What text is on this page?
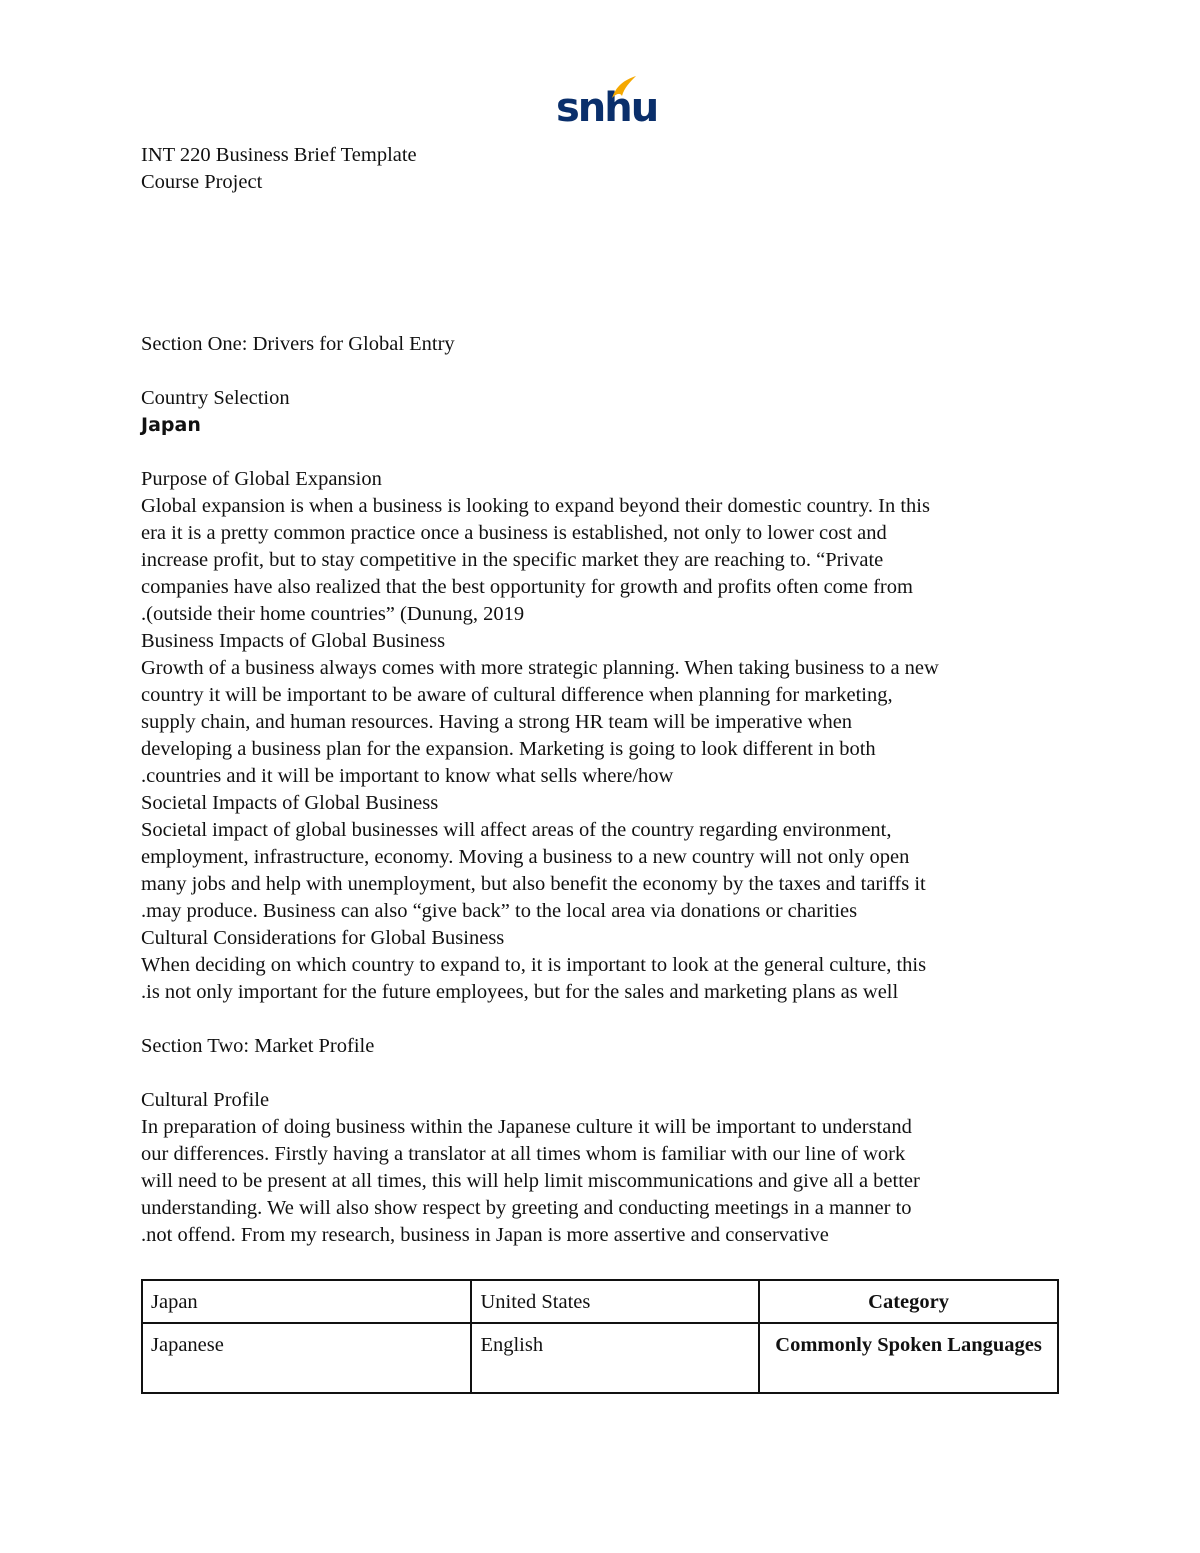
snhu
INT 220 Business Brief Template
Course Project
Section One: Drivers for Global Entry
Country Selection
Japan
Purpose of Global Expansion
Global expansion is when a business is looking to expand beyond their domestic country. In this
era it is a pretty common practice once a business is established, not only to lower cost and
increase profit, but to stay competitive in the specific market they are reaching to. “Private
companies have also realized that the best opportunity for growth and profits often come from
.(outside their home countries” (Dunung, 2019
Business Impacts of Global Business
Growth of a business always comes with more strategic planning. When taking business to a new
country it will be important to be aware of cultural difference when planning for marketing,
supply chain, and human resources. Having a strong HR team will be imperative when
developing a business plan for the expansion. Marketing is going to look different in both
.countries and it will be important to know what sells where/how
Societal Impacts of Global Business
Societal impact of global businesses will affect areas of the country regarding environment,
employment, infrastructure, economy. Moving a business to a new country will not only open
many jobs and help with unemployment, but also benefit the economy by the taxes and tariffs it
.may produce. Business can also “give back” to the local area via donations or charities
Cultural Considerations for Global Business
When deciding on which country to expand to, it is important to look at the general culture, this
.is not only important for the future employees, but for the sales and marketing plans as well
Section Two: Market Profile
Cultural Profile
In preparation of doing business within the Japanese culture it will be important to understand
our differences. Firstly having a translator at all times whom is familiar with our line of work
will need to be present at all times, this will help limit miscommunications and give all a better
understanding. We will also show respect by greeting and conducting meetings in a manner to
.not offend. From my research, business in Japan is more assertive and conservative
Japan	United States	Category
Japanese	English	Commonly Spoken Languages
